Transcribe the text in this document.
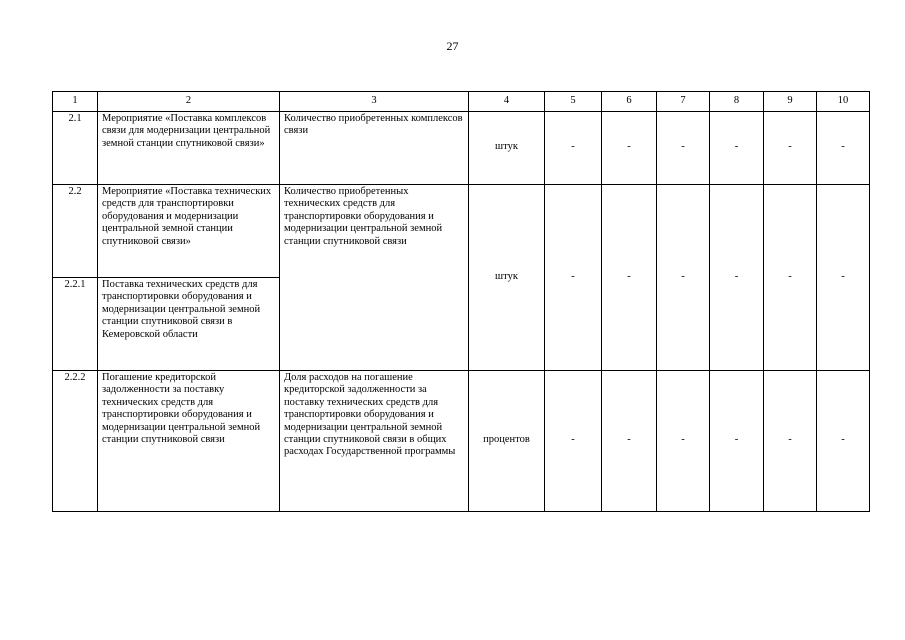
27
1	2	3	4	5	6	7	8	9	10
2.1	Мероприятие «Поставка комплексов связи для модернизации центральной земной станции спутниковой связи»	Количество приобретенных комплексов связи	штук	-	-	-	-	-	-
2.2	Мероприятие «Поставка технических средств для транспортировки оборудования и модернизации центральной земной станции спутниковой связи»	Количество приобретенных технических средств для транспортировки оборудования и модернизации центральной земной станции спутниковой связи	штук	-	-	-	-	-	-
2.2.1	Поставка технических средств для транспортировки оборудования и модернизации центральной земной станции спутниковой связи в Кемеровской области								
2.2.2	Погашение кредиторской задолженности за поставку технических средств для транспортировки оборудования и модернизации центральной земной станции спутниковой связи	Доля расходов на погашение кредиторской задолженности за поставку технических средств для транспортировки оборудования и модернизации центральной земной станции спутниковой связи в общих расходах Государственной программы	процентов	-	-	-	-	-	-
